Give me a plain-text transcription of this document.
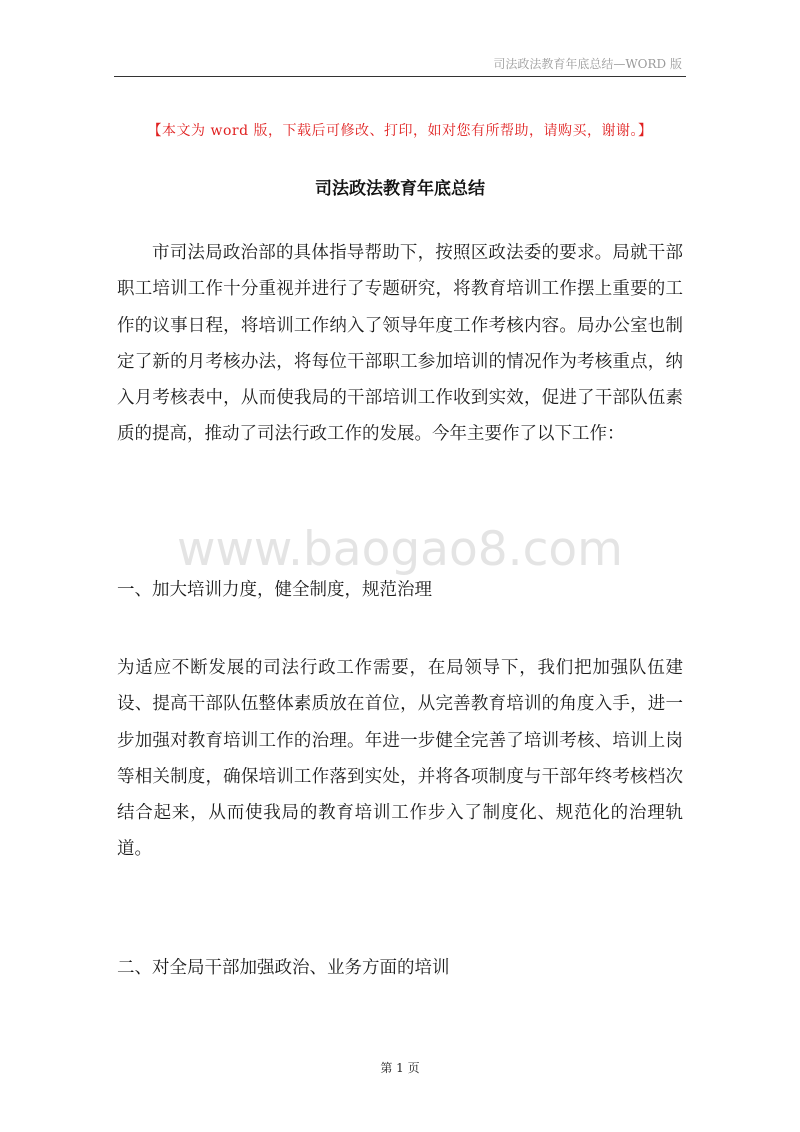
司法政法教育年底总结—WORD 版
【本文为 word 版，下载后可修改、打印，如对您有所帮助，请购买，谢谢。】
司法政法教育年底总结

市司法局政治部的具体指导帮助下，按照区政法委的要求。局就干部职工培训工作十分重视并进行了专题研究，将教育培训工作摆上重要的工作的议事日程，将培训工作纳入了领导年度工作考核内容。局办公室也制定了新的月考核办法，将每位干部职工参加培训的情况作为考核重点，纳入月考核表中，从而使我局的干部培训工作收到实效，促进了干部队伍素质的提高，推动了司法行政工作的发展。今年主要作了以下工作：

www.baogao8.com

一、加大培训力度，健全制度，规范治理

为适应不断发展的司法行政工作需要，在局领导下，我们把加强队伍建设、提高干部队伍整体素质放在首位，从完善教育培训的角度入手，进一步加强对教育培训工作的治理。年进一步健全完善了培训考核、培训上岗等相关制度，确保培训工作落到实处，并将各项制度与干部年终考核档次结合起来，从而使我局的教育培训工作步入了制度化、规范化的治理轨道。

二、对全局干部加强政治、业务方面的培训

第 1 页
